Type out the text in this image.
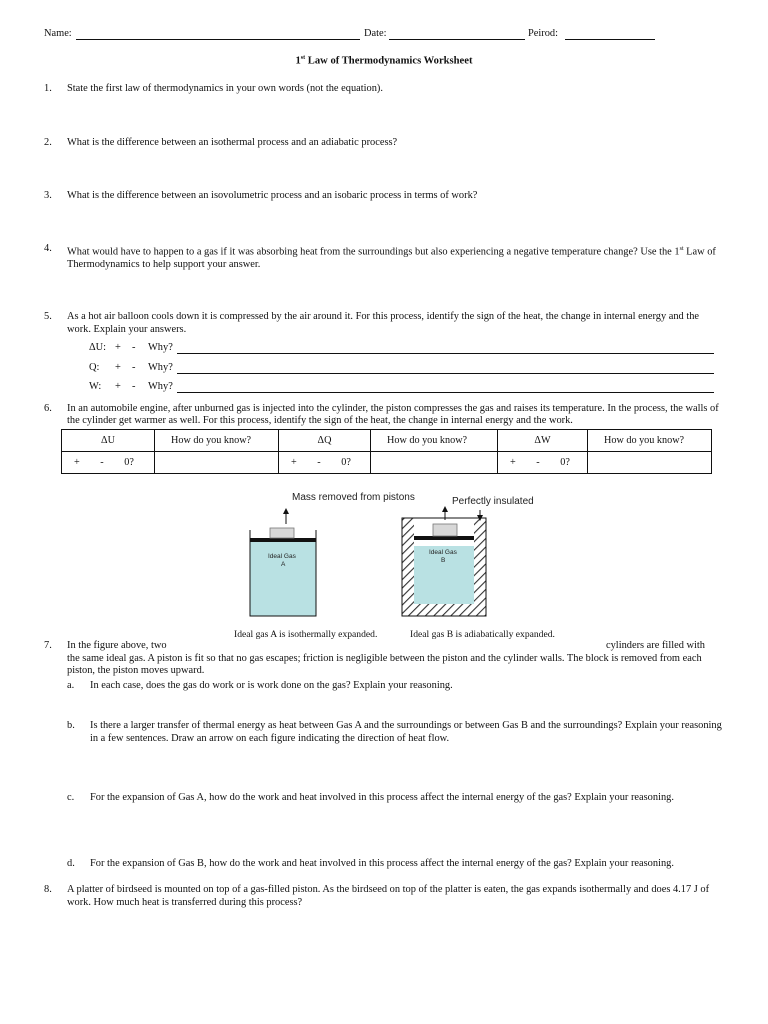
Name:	Date:	Peirod:
1st Law of Thermodynamics Worksheet
1. State the first law of thermodynamics in your own words (not the equation).
2. What is the difference between an isothermal process and an adiabatic process?
3. What is the difference between an isovolumetric process and an isobaric process in terms of work?
4. What would have to happen to a gas if it was absorbing heat from the surroundings but also experiencing a negative temperature change? Use the 1st Law of Thermodynamics to help support your answer.
5. As a hot air balloon cools down it is compressed by the air around it. For this process, identify the sign of the heat, the change in internal energy and the work. Explain your answers.
ΔU: + - Why?
Q: + - Why?
W: + - Why?
6. In an automobile engine, after unburned gas is injected into the cylinder, the piston compresses the gas and raises its temperature. In the process, the walls of the cylinder get warmer as well. For this process, identify the sign of the heat, the change in internal energy and the work.
ΔU	How do you know?	ΔQ	How do you know?	ΔW	How do you know?
+ - 0?		+ - 0?		+ - 0?	
Mass removed from pistons	Perfectly insulated
Ideal Gas
A
Ideal Gas
B
Ideal gas A is isothermally expanded.	Ideal gas B is adiabatically expanded.
7. In the figure above, two	cylinders are filled with
the same ideal gas. A piston is fit so that no gas escapes; friction is negligible between the piston and the cylinder walls. The block is removed from each piston, the piston moves upward.
a. In each case, does the gas do work or is work done on the gas? Explain your reasoning.
b. Is there a larger transfer of thermal energy as heat between Gas A and the surroundings or between Gas B and the surroundings? Explain your reasoning in a few sentences. Draw an arrow on each figure indicating the direction of heat flow.
c. For the expansion of Gas A, how do the work and heat involved in this process affect the internal energy of the gas? Explain your reasoning.
d. For the expansion of Gas B, how do the work and heat involved in this process affect the internal energy of the gas? Explain your reasoning.
8. A platter of birdseed is mounted on top of a gas-filled piston. As the birdseed on top of the platter is eaten, the gas expands isothermally and does 4.17 J of work. How much heat is transferred during this process?
